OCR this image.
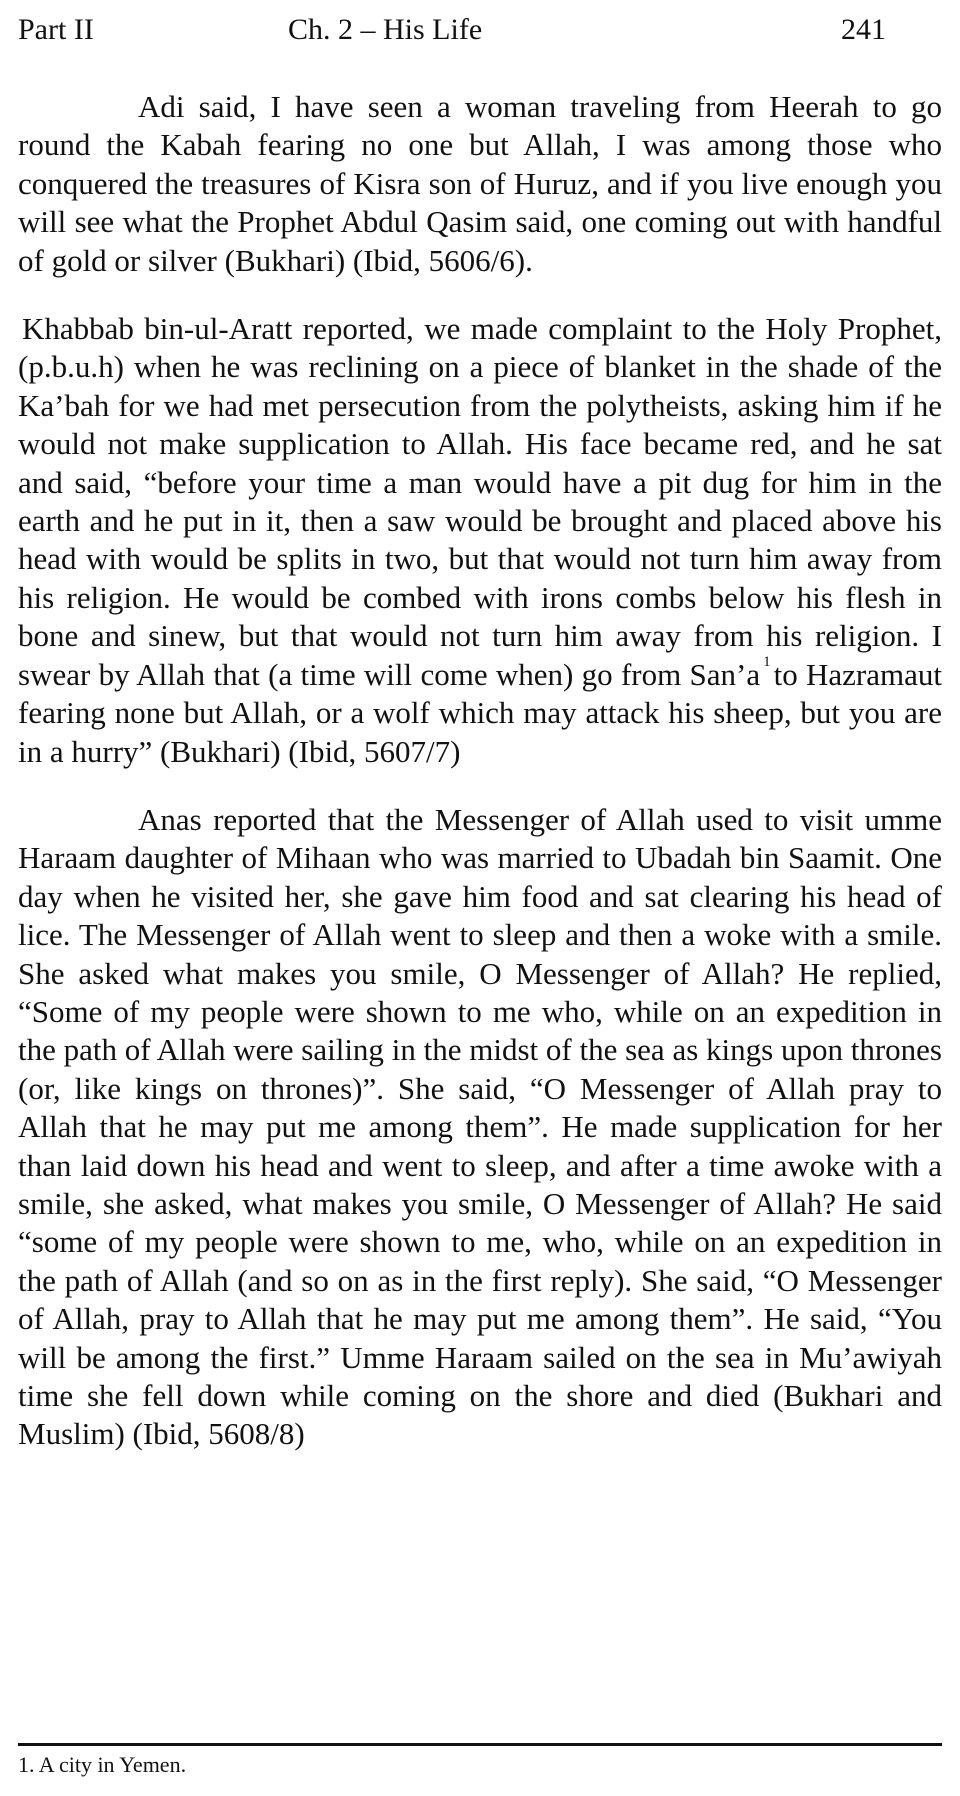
Part II	Ch. 2 – His Life	241

Adi said, I have seen a woman traveling from Heerah to go round the Kabah fearing no one but Allah, I was among those who conquered the treasures of Kisra son of Huruz, and if you live enough you will see what the Prophet Abdul Qasim said, one coming out with handful of gold or silver (Bukhari) (Ibid, 5606/6).

Khabbab bin-ul-Aratt reported, we made complaint to the Holy Prophet, (p.b.u.h) when he was reclining on a piece of blanket in the shade of the Ka’bah for we had met persecution from the polytheists, asking him if he would not make supplication to Allah. His face became red, and he sat and said, “before your time a man would have a pit dug for him in the earth and he put in it, then a saw would be brought and placed above his head with would be splits in two, but that would not turn him away from his religion. He would be combed with irons combs below his flesh in bone and sinew, but that would not turn him away from his religion. I swear by Allah that (a time will come when) go from San’a $^1$to Hazramaut fearing none but Allah, or a wolf which may attack his sheep, but you are in a hurry” (Bukhari) (Ibid, 5607/7)

Anas reported that the Messenger of Allah used to visit umme Haraam daughter of Mihaan who was married to Ubadah bin Saamit. One day when he visited her, she gave him food and sat clearing his head of lice. The Messenger of Allah went to sleep and then a woke with a smile. She asked what makes you smile, O Messenger of Allah? He replied, “Some of my people were shown to me who, while on an expedition in the path of Allah were sailing in the midst of the sea as kings upon thrones (or, like kings on thrones)”. She said, “O Messenger of Allah pray to Allah that he may put me among them”. He made supplication for her than laid down his head and went to sleep, and after a time awoke with a smile, she asked, what makes you smile, O Messenger of Allah? He said “some of my people were shown to me, who, while on an expedition in the path of Allah (and so on as in the first reply). She said, “O Messenger of Allah, pray to Allah that he may put me among them”. He said, “You will be among the first.” Umme Haraam sailed on the sea in Mu’awiyah time she fell down while coming on the shore and died (Bukhari and Muslim) (Ibid, 5608/8)

1. A city in Yemen.
